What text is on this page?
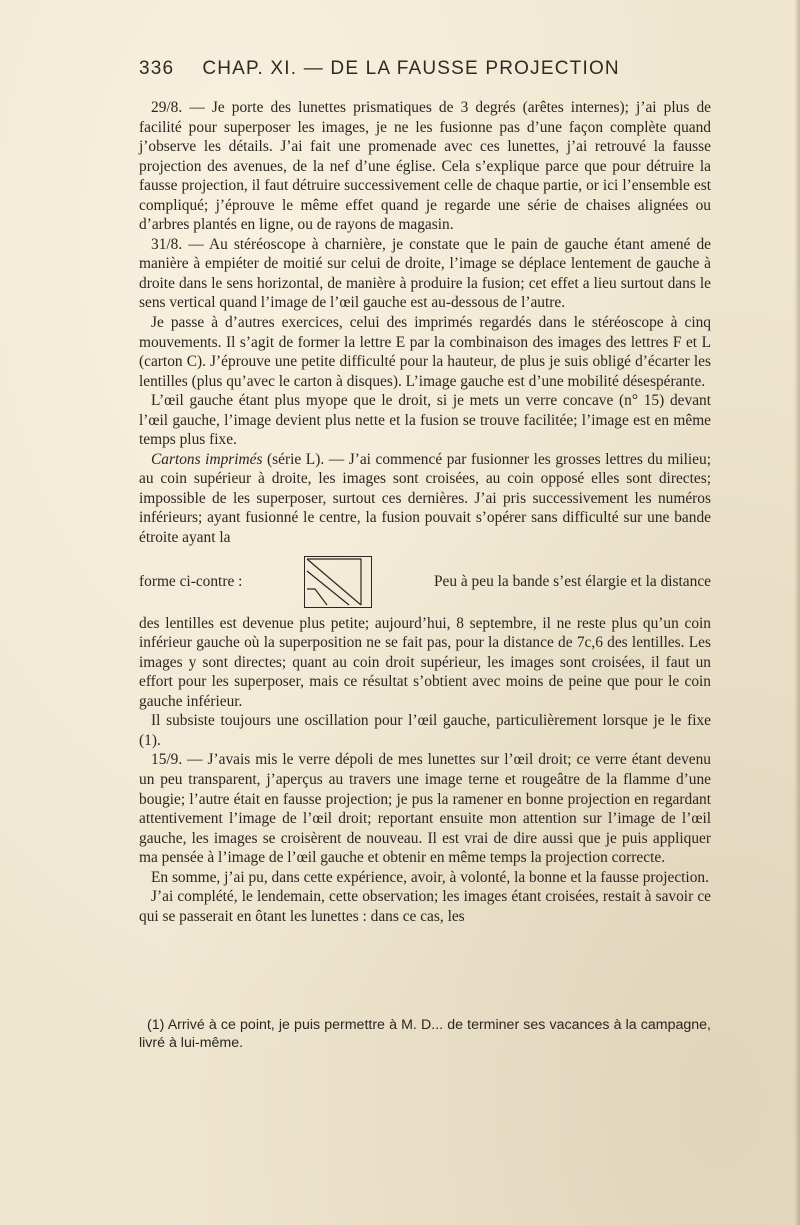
336 CHAP. XI. — DE LA FAUSSE PROJECTION

29/8. — Je porte des lunettes prismatiques de 3 degrés (arêtes internes); j’ai plus de facilité pour superposer les images, je ne les fusionne pas d’une façon complète quand j’observe les détails. J’ai fait une promenade avec ces lunettes, j’ai retrouvé la fausse projection des avenues, de la nef d’une église. Cela s’explique parce que pour détruire la fausse projection, il faut détruire successivement celle de chaque partie, or ici l’ensemble est compliqué; j’éprouve le même effet quand je regarde une série de chaises alignées ou d’arbres plantés en ligne, ou de rayons de magasin.

31/8. — Au stéréoscope à charnière, je constate que le pain de gauche étant amené de manière à empiéter de moitié sur celui de droite, l’image se déplace lentement de gauche à droite dans le sens horizontal, de manière à produire la fusion; cet effet a lieu surtout dans le sens vertical quand l’image de l’œil gauche est au-dessous de l’autre.

Je passe à d’autres exercices, celui des imprimés regardés dans le stéréoscope à cinq mouvements. Il s’agit de former la lettre E par la combinaison des images des lettres F et L (carton C). J’éprouve une petite difficulté pour la hauteur, de plus je suis obligé d’écarter les lentilles (plus qu’avec le carton à disques). L’image gauche est d’une mobilité désespérante.

L’œil gauche étant plus myope que le droit, si je mets un verre concave (n° 15) devant l’œil gauche, l’image devient plus nette et la fusion se trouve facilitée; l’image est en même temps plus fixe.

Cartons imprimés (série L). — J’ai commencé par fusionner les grosses lettres du milieu; au coin supérieur à droite, les images sont croisées, au coin opposé elles sont directes; impossible de les superposer, surtout ces dernières. J’ai pris successivement les numéros inférieurs; ayant fusionné le centre, la fusion pouvait s’opérer sans difficulté sur une bande étroite ayant la

forme ci-contre :	Peu à peu la bande s’est élargie et la distance

des lentilles est devenue plus petite; aujourd’hui, 8 septembre, il ne reste plus qu’un coin inférieur gauche où la superposition ne se fait pas, pour la distance de 7c,6 des lentilles. Les images y sont directes; quant au coin droit supérieur, les images sont croisées, il faut un effort pour les superposer, mais ce résultat s’obtient avec moins de peine que pour le coin gauche inférieur.

Il subsiste toujours une oscillation pour l’œil gauche, particulièrement lorsque je le fixe (1).

15/9. — J’avais mis le verre dépoli de mes lunettes sur l’œil droit; ce verre étant devenu un peu transparent, j’aperçus au travers une image terne et rougeâtre de la flamme d’une bougie; l’autre était en fausse projection; je pus la ramener en bonne projection en regardant attentivement l’image de l’œil droit; reportant ensuite mon attention sur l’image de l’œil gauche, les images se croisèrent de nouveau. Il est vrai de dire aussi que je puis appliquer ma pensée à l’image de l’œil gauche et obtenir en même temps la projection correcte.

En somme, j’ai pu, dans cette expérience, avoir, à volonté, la bonne et la fausse projection.

J’ai complété, le lendemain, cette observation; les images étant croisées, restait à savoir ce qui se passerait en ôtant les lunettes : dans ce cas, les

(1) Arrivé à ce point, je puis permettre à M. D... de terminer ses vacances à la campagne, livré à lui-même.
